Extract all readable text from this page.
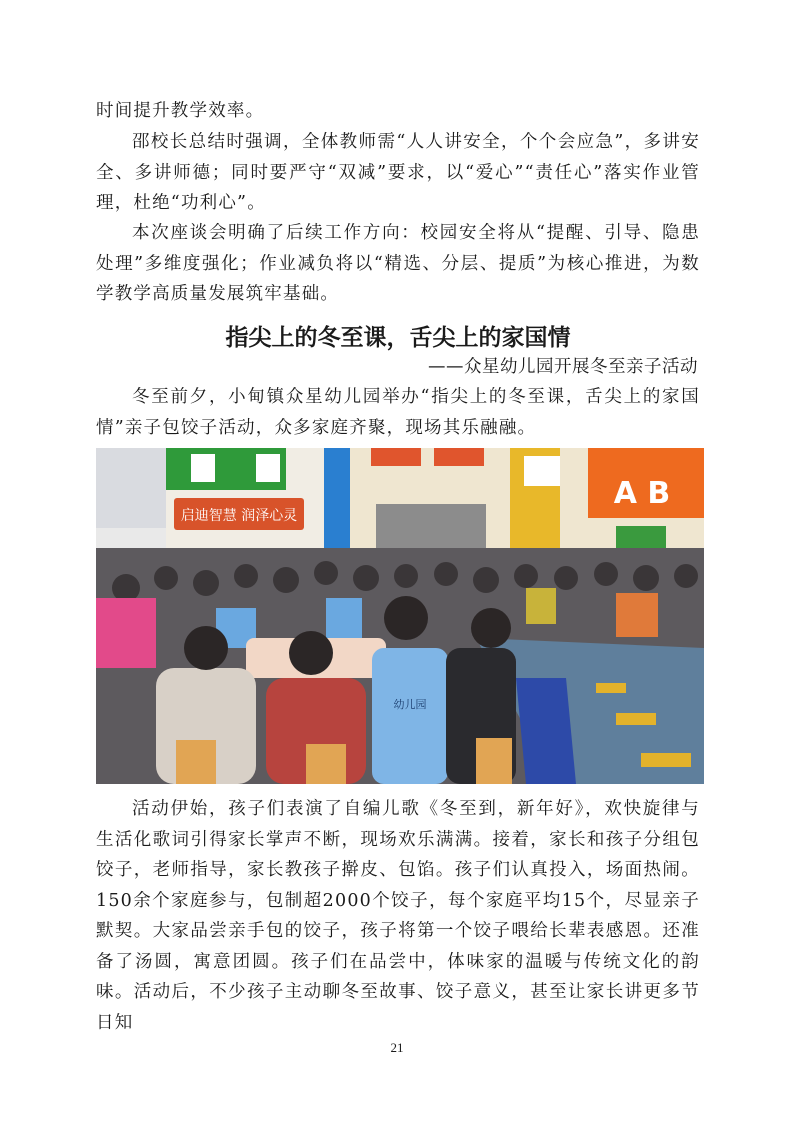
时间提升教学效率。

邵校长总结时强调，全体教师需“人人讲安全，个个会应急”，多讲安全、多讲师德；同时要严守“双减”要求，以“爱心”“责任心”落实作业管理，杜绝“功利心”。

本次座谈会明确了后续工作方向：校园安全将从“提醒、引导、隐患处理”多维度强化；作业减负将以“精选、分层、提质”为核心推进，为数学教学高质量发展筑牢基础。

指尖上的冬至课，舌尖上的家国情

——众星幼儿园开展冬至亲子活动

冬至前夕，小甸镇众星幼儿园举办“指尖上的冬至课，舌尖上的家国情”亲子包饺子活动，众多家庭齐聚，现场其乐融融。

启迪智慧 润泽心灵
A B
幼儿园

活动伊始，孩子们表演了自编儿歌《冬至到，新年好》，欢快旋律与生活化歌词引得家长掌声不断，现场欢乐满满。接着，家长和孩子分组包饺子，老师指导，家长教孩子擀皮、包馅。孩子们认真投入，场面热闹。150余个家庭参与，包制超2000个饺子，每个家庭平均15个，尽显亲子默契。大家品尝亲手包的饺子，孩子将第一个饺子喂给长辈表感恩。还准备了汤圆，寓意团圆。孩子们在品尝中，体味家的温暖与传统文化的韵味。活动后，不少孩子主动聊冬至故事、饺子意义，甚至让家长讲更多节日知

21
